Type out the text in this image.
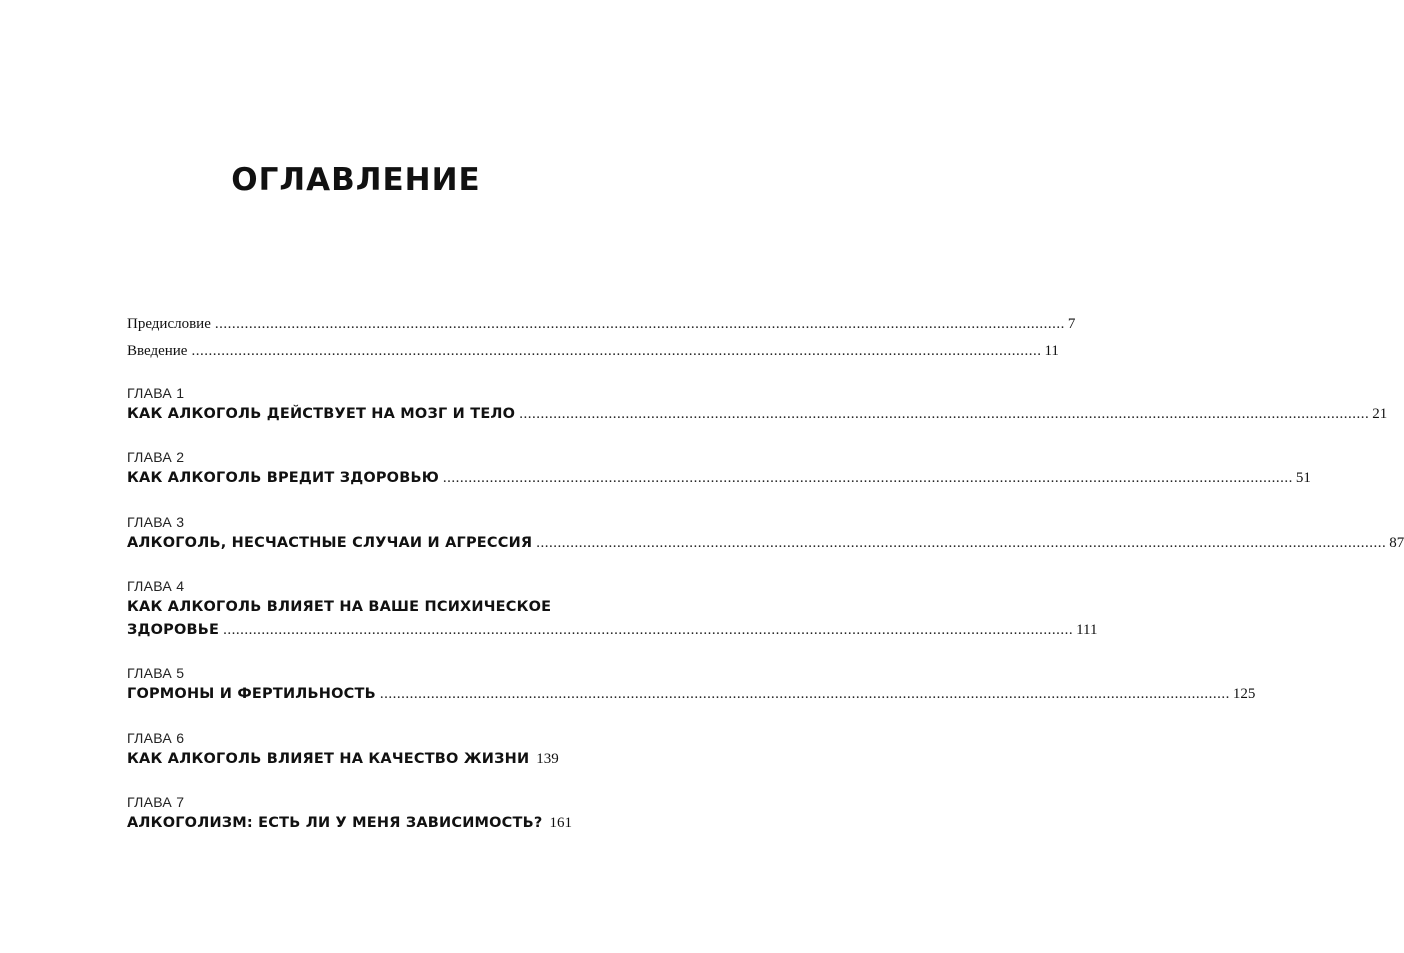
ОГЛАВЛЕНИЕ
Предисловие ........................................................................................................................................................................................................ 7
Введение ........................................................................................................................................................................................................ 11
ГЛАВА 1
КАК АЛКОГОЛЬ ДЕЙСТВУЕТ НА МОЗГ И ТЕЛО ........................................................................................................................................................................................................ 21
ГЛАВА 2
КАК АЛКОГОЛЬ ВРЕДИТ ЗДОРОВЬЮ ........................................................................................................................................................................................................ 51
ГЛАВА 3
АЛКОГОЛЬ, НЕСЧАСТНЫЕ СЛУЧАИ И АГРЕССИЯ ........................................................................................................................................................................................................ 87
ГЛАВА 4
КАК АЛКОГОЛЬ ВЛИЯЕТ НА ВАШЕ ПСИХИЧЕСКОЕ
ЗДОРОВЬЕ ........................................................................................................................................................................................................ 111
ГЛАВА 5
ГОРМОНЫ И ФЕРТИЛЬНОСТЬ ........................................................................................................................................................................................................ 125
ГЛАВА 6
КАК АЛКОГОЛЬ ВЛИЯЕТ НА КАЧЕСТВО ЖИЗНИ 139
ГЛАВА 7
АЛКОГОЛИЗМ: ЕСТЬ ЛИ У МЕНЯ ЗАВИСИМОСТЬ? 161
